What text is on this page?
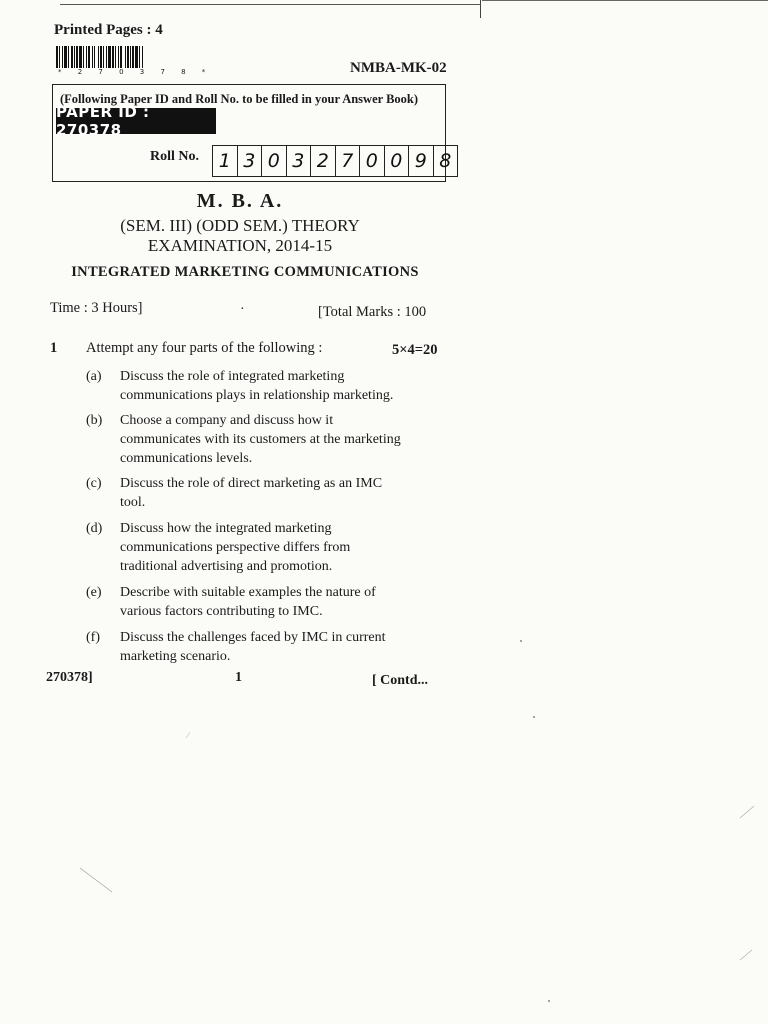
Printed Pages : 4
* 2 7 0 3 7 8 *	NMBA-MK-02
(Following Paper ID and Roll No. to be filled in your Answer Book)
PAPER ID : 270378
Roll No.	1 3 0 3 2 7 0 0 9 8
M. B. A.
(SEM. III) (ODD SEM.) THEORY
EXAMINATION, 2014-15
INTEGRATED MARKETING COMMUNICATIONS
Time : 3 Hours]	·	[Total Marks : 100
1 Attempt any four parts of the following :	5×4=20
(a)	Discuss the role of integrated marketing communications plays in relationship marketing.
(b)	Choose a company and discuss how it communicates with its customers at the marketing communications levels.
(c)	Discuss the role of direct marketing as an IMC tool.
(d)	Discuss how the integrated marketing communications perspective differs from traditional advertising and promotion.
(e)	Describe with suitable examples the nature of various factors contributing to IMC.
(f)	Discuss the challenges faced by IMC in current marketing scenario.
270378]	1	[ Contd...
